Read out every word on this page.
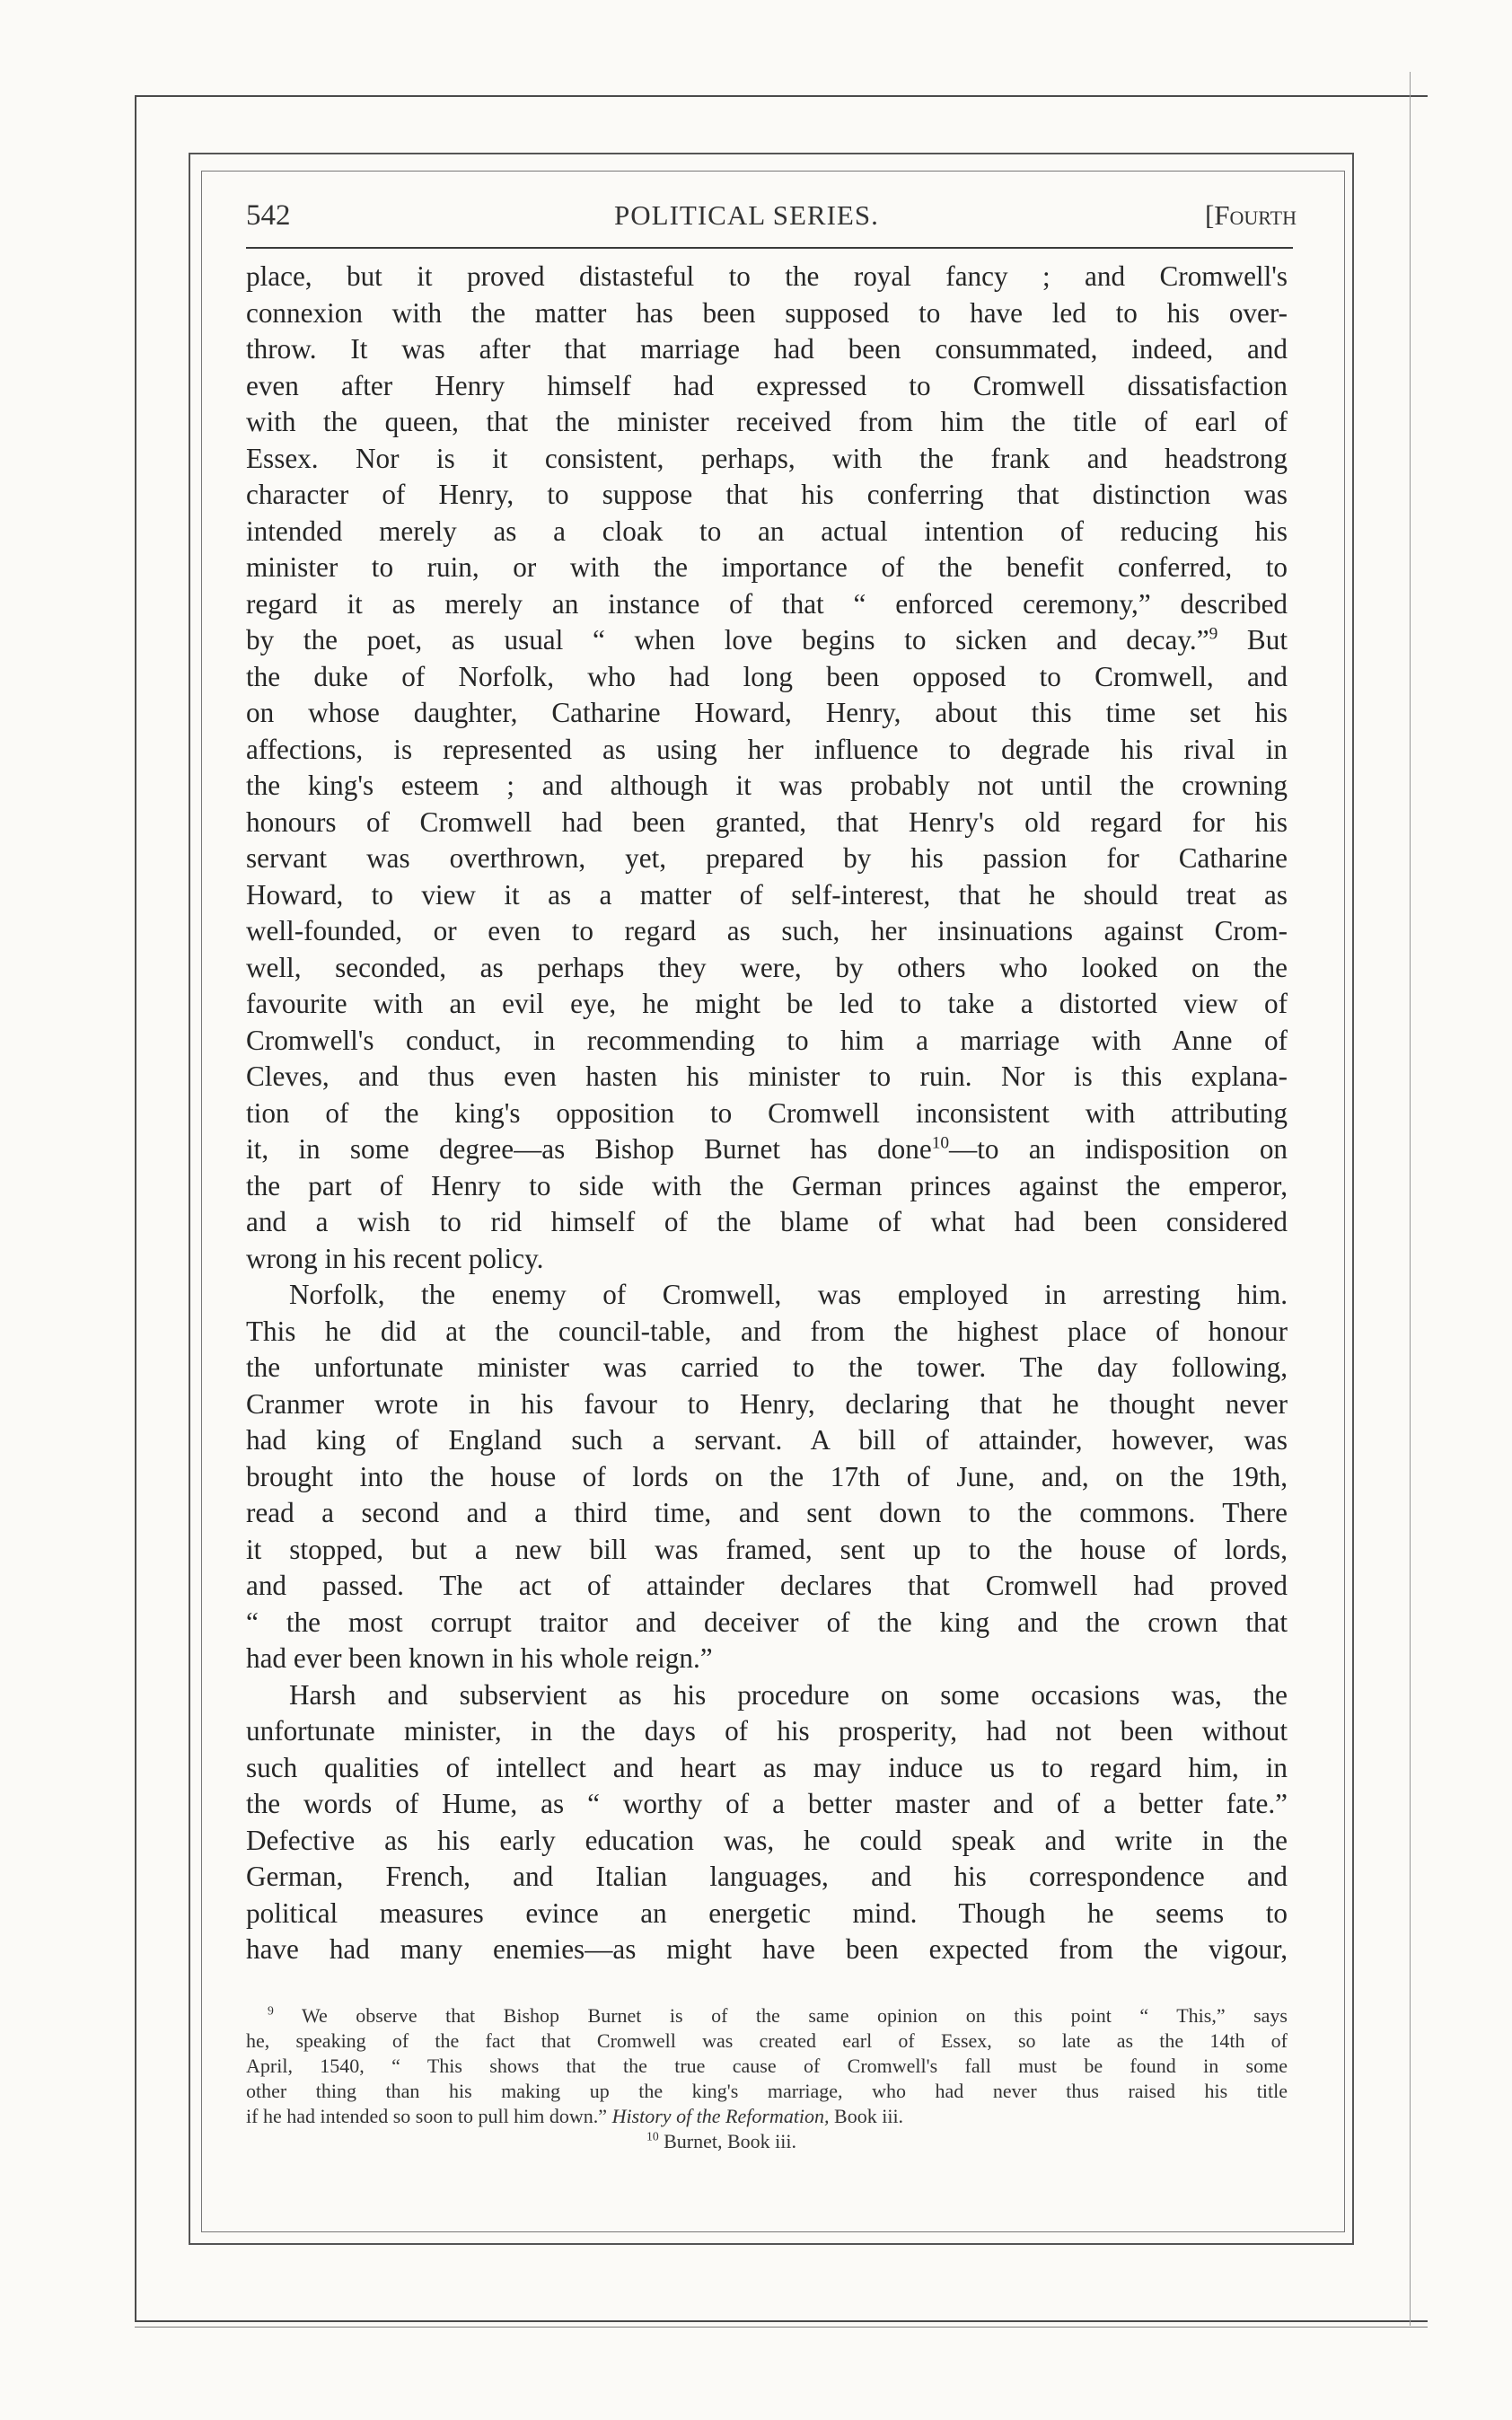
542	POLITICAL SERIES.	[Fourth

place, but it proved distasteful to the royal fancy ; and Cromwell's

connexion with the matter has been supposed to have led to his over-

throw. It was after that marriage had been consummated, indeed, and

even after Henry himself had expressed to Cromwell dissatisfaction

with the queen, that the minister received from him the title of earl of

Essex. Nor is it consistent, perhaps, with the frank and headstrong

character of Henry, to suppose that his conferring that distinction was

intended merely as a cloak to an actual intention of reducing his

minister to ruin, or with the importance of the benefit conferred, to

regard it as merely an instance of that “ enforced ceremony,” described

by the poet, as usual “ when love begins to sicken and decay.”$^9$ But

the duke of Norfolk, who had long been opposed to Cromwell, and

on whose daughter, Catharine Howard, Henry, about this time set his

affections, is represented as using her influence to degrade his rival in

the king's esteem ; and although it was probably not until the crowning

honours of Cromwell had been granted, that Henry's old regard for his

servant was overthrown, yet, prepared by his passion for Catharine

Howard, to view it as a matter of self-interest, that he should treat as

well-founded, or even to regard as such, her insinuations against Crom-

well, seconded, as perhaps they were, by others who looked on the

favourite with an evil eye, he might be led to take a distorted view of

Cromwell's conduct, in recommending to him a marriage with Anne of

Cleves, and thus even hasten his minister to ruin. Nor is this explana-

tion of the king's opposition to Cromwell inconsistent with attributing

it, in some degree—as Bishop Burnet has done$^{10}$—to an indisposition on

the part of Henry to side with the German princes against the emperor,

and a wish to rid himself of the blame of what had been considered

wrong in his recent policy.

Norfolk, the enemy of Cromwell, was employed in arresting him.

This he did at the council-table, and from the highest place of honour

the unfortunate minister was carried to the tower. The day following,

Cranmer wrote in his favour to Henry, declaring that he thought never

had king of England such a servant. A bill of attainder, however, was

brought into the house of lords on the 17th of June, and, on the 19th,

read a second and a third time, and sent down to the commons. There

it stopped, but a new bill was framed, sent up to the house of lords,

and passed. The act of attainder declares that Cromwell had proved

“ the most corrupt traitor and deceiver of the king and the crown that

had ever been known in his whole reign.”

Harsh and subservient as his procedure on some occasions was, the

unfortunate minister, in the days of his prosperity, had not been without

such qualities of intellect and heart as may induce us to regard him, in

the words of Hume, as “ worthy of a better master and of a better fate.”

Defective as his early education was, he could speak and write in the

German, French, and Italian languages, and his correspondence and

political measures evince an energetic mind. Though he seems to

have had many enemies—as might have been expected from the vigour,

$^9$ We observe that Bishop Burnet is of the same opinion on this point “ This,” says

he, speaking of the fact that Cromwell was created earl of Essex, so late as the 14th of

April, 1540, “ This shows that the true cause of Cromwell's fall must be found in some

other thing than his making up the king's marriage, who had never thus raised his title

if he had intended so soon to pull him down.” History of the Reformation, Book iii.

$^{10}$ Burnet, Book iii.
